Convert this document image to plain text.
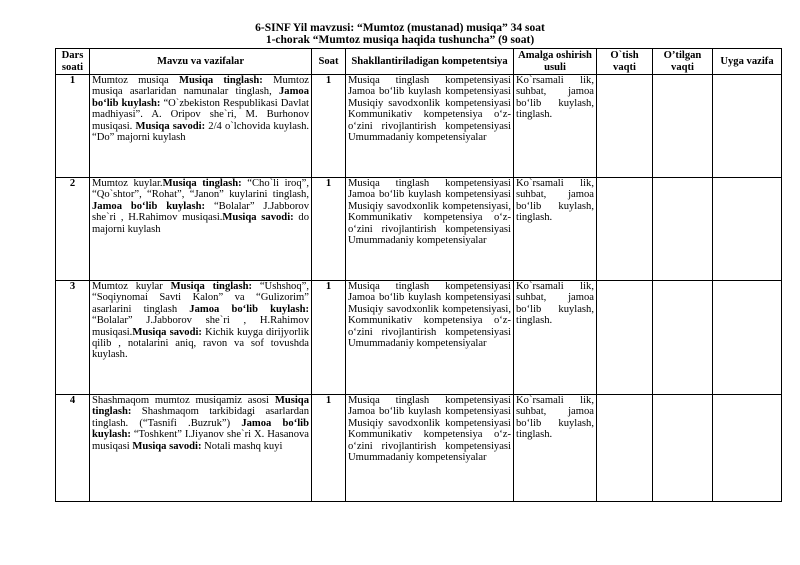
6-SINF Yil mavzusi: “Mumtoz (mustanad) musiqa” 34 soat
1-chorak “Mumtoz musiqa haqida tushuncha” (9 soat)
Dars soati	Mavzu va vazifalar	Soat	Shakllantiriladigan kompetentsiya	Amalga oshirish usuli	O`tish vaqti	O’tilgan vaqti	Uyga vazifa
1	Mumtoz musiqa Musiqa tinglash: Mumtoz musiqa asarlaridan namunalar tinglash, Jamoa bo‘lib kuylash: “O`zbekiston Respublikasi Davlat madhiyasi”. A. Oripov she`ri, M. Burhonov musiqasi. Musiqa savodi: 2/4 o`lchovida kuylash. “Do” majorni kuylash	1	Musiqa tinglash kompetensiyasi Jamoa bo‘lib kuylash kompetensiyasi Musiqiy savodxonlik kompetensiyasi Kommunikativ kompetensiya o‘z-o‘zini rivojlantirish kompetensiyasi Umummadaniy kompetensiyalar	Ko`rsamali lik, suhbat, jamoa bo‘lib kuylash, tinglash.			
2	Mumtoz kuylar.Musiqa tinglash: “Cho`li iroq”, “Qo`shtor”, “Rohat”, “Janon” kuylarini tinglash, Jamoa bo‘lib kuylash: “Bolalar” J.Jabborov she`ri , H.Rahimov musiqasi.Musiqa savodi: do majorni kuylash	1	Musiqa tinglash kompetensiyasi Jamoa bo‘lib kuylash kompetensiyasi Musiqiy savodxonlik kompetensiyasi, Kommunikativ kompetensiya o‘z-o‘zini rivojlantirish kompetensiyasi Umummadaniy kompetensiyalar	Ko`rsamali lik, suhbat, jamoa bo‘lib kuylash, tinglash.			
3	Mumtoz kuylar Musiqa tinglash: “Ushshoq”, “Soqiynomai Savti Kalon” va “Gulizorim” asarlarini tinglash Jamoa bo‘lib kuylash: “Bolalar” J.Jabborov she`ri , H.Rahimov musiqasi.Musiqa savodi: Kichik kuyga dirijyorlik qilib , notalarini aniq, ravon va sof tovushda kuylash.	1	Musiqa tinglash kompetensiyasi Jamoa bo‘lib kuylash kompetensiyasi Musiqiy savodxonlik kompetensiyasi, Kommunikativ kompetensiya o‘z-o‘zini rivojlantirish kompetensiyasi Umummadaniy kompetensiyalar	Ko`rsamali lik, suhbat, jamoa bo‘lib kuylash, tinglash.			
4	Shashmaqom mumtoz musiqamiz asosi Musiqa tinglash: Shashmaqom tarkibidagi asarlardan tinglash. (“Tasnifi .Buzruk”) Jamoa bo‘lib kuylash: “Toshkent” I.Jiyanov she`ri X. Hasanova musiqasi Musiqa savodi: Notali mashq kuyi	1	Musiqa tinglash kompetensiyasi Jamoa bo‘lib kuylash kompetensiyasi Musiqiy savodxonlik kompetensiyasi Kommunikativ kompetensiya o‘z-o‘zini rivojlantirish kompetensiyasi Umummadaniy kompetensiyalar	Ko`rsamali lik, suhbat, jamoa bo‘lib kuylash, tinglash.			
